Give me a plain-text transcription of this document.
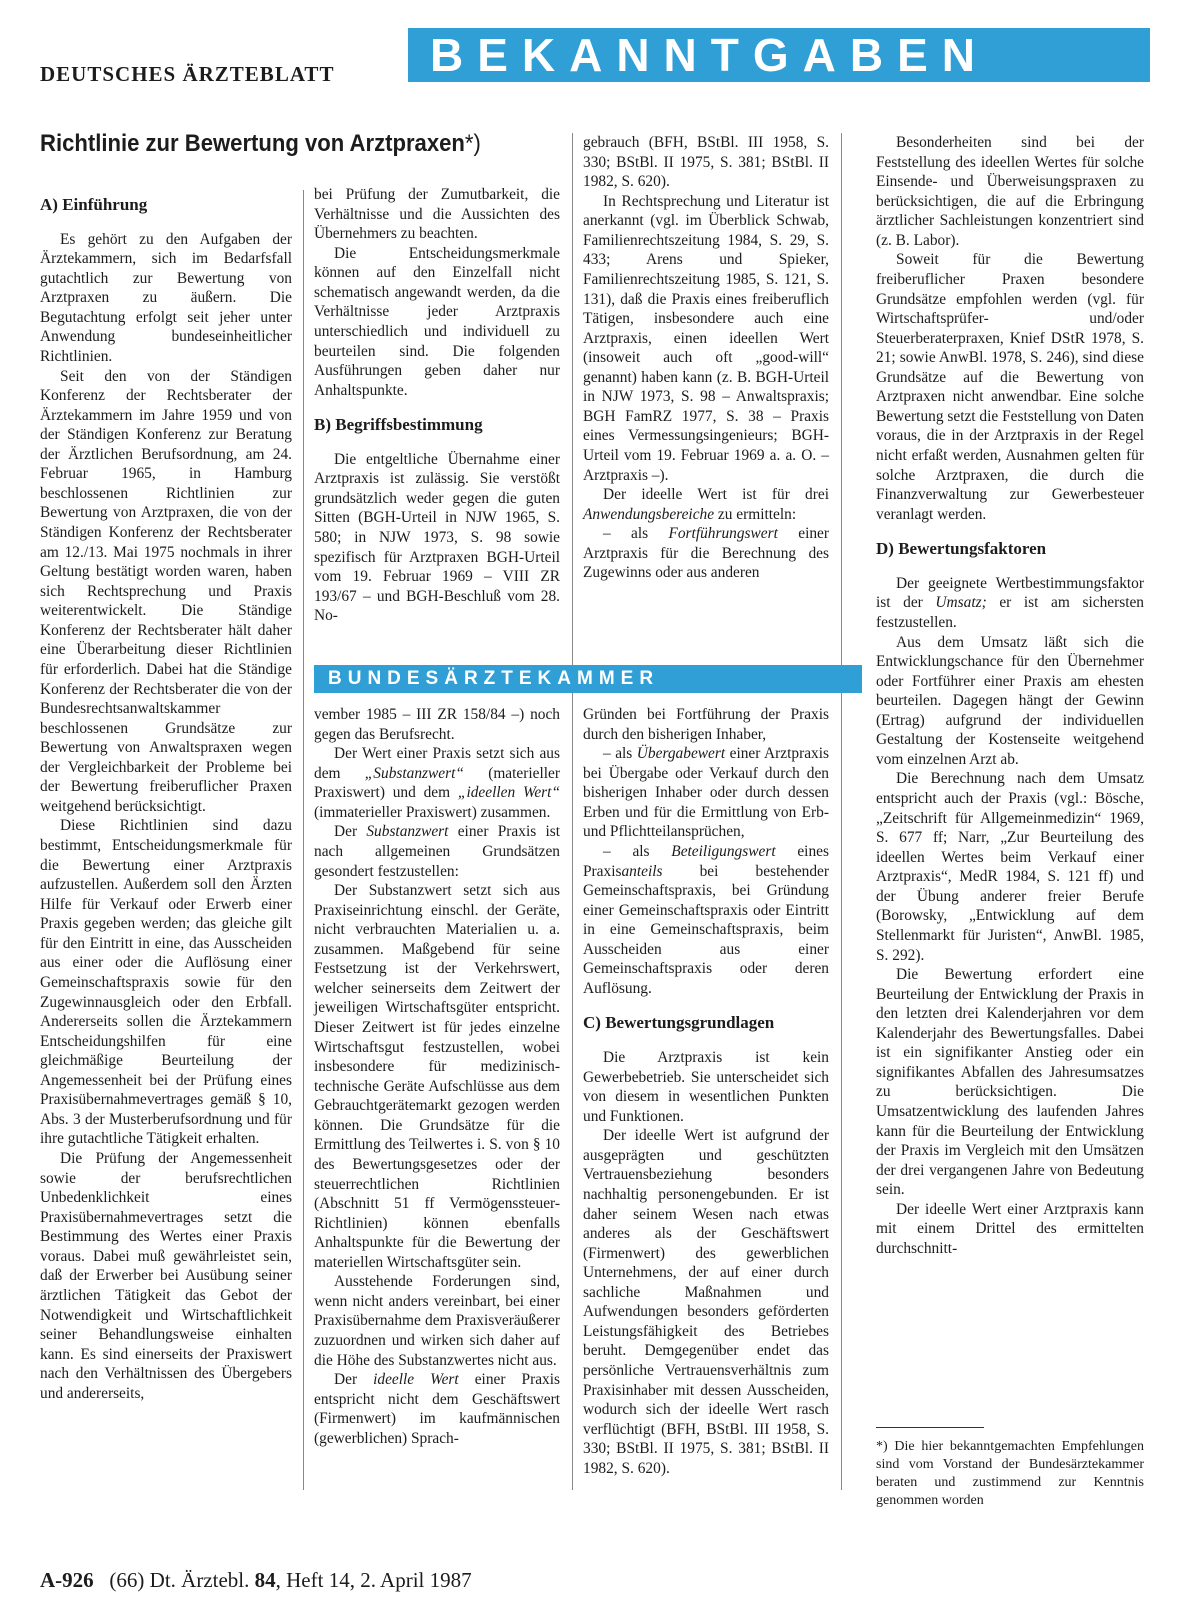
DEUTSCHES ÄRZTEBLATT	BEKANNTGABEN
Richtlinie zur Bewertung von Arztpraxen*)
A) Einführung

Es gehört zu den Aufgaben der Ärztekammern, sich im Bedarfsfall gutachtlich zur Bewertung von Arztpraxen zu äußern. Die Begutachtung erfolgt seit jeher unter Anwendung bundeseinheitlicher Richtlinien.

Seit den von der Ständigen Konferenz der Rechtsberater der Ärztekammern im Jahre 1959 und von der Ständigen Konferenz zur Beratung der Ärztlichen Berufsordnung, am 24. Februar 1965, in Hamburg beschlossenen Richtlinien zur Bewertung von Arztpraxen, die von der Ständigen Konferenz der Rechtsberater am 12./13. Mai 1975 nochmals in ihrer Geltung bestätigt worden waren, haben sich Rechtsprechung und Praxis weiterentwickelt. Die Ständige Konferenz der Rechtsberater hält daher eine Überarbeitung dieser Richtlinien für erforderlich. Dabei hat die Ständige Konferenz der Rechtsberater die von der Bundesrechtsanwaltskammer beschlossenen Grundsätze zur Bewertung von Anwaltspraxen wegen der Vergleichbarkeit der Probleme bei der Bewertung freiberuflicher Praxen weitgehend berücksichtigt.

Diese Richtlinien sind dazu bestimmt, Entscheidungsmerkmale für die Bewertung einer Arztpraxis aufzustellen. Außerdem soll den Ärzten Hilfe für Verkauf oder Erwerb einer Praxis gegeben werden; das gleiche gilt für den Eintritt in eine, das Ausscheiden aus einer oder die Auflösung einer Gemeinschaftspraxis sowie für den Zugewinnausgleich oder den Erbfall. Andererseits sollen die Ärztekammern Entscheidungshilfen für eine gleichmäßige Beurteilung der Angemessenheit bei der Prüfung eines Praxisübernahmevertrages gemäß § 10, Abs. 3 der Musterberufsordnung und für ihre gutachtliche Tätigkeit erhalten.

Die Prüfung der Angemessenheit sowie der berufsrechtlichen Unbedenklichkeit eines Praxisübernahmevertrages setzt die Bestimmung des Wertes einer Praxis voraus. Dabei muß gewährleistet sein, daß der Erwerber bei Ausübung seiner ärztlichen Tätigkeit das Gebot der Notwendigkeit und Wirtschaftlichkeit seiner Behandlungsweise einhalten kann. Es sind einerseits der Praxiswert nach den Verhältnissen des Übergebers und andererseits,

bei Prüfung der Zumutbarkeit, die Verhältnisse und die Aussichten des Übernehmers zu beachten.

Die Entscheidungsmerkmale können auf den Einzelfall nicht schematisch angewandt werden, da die Verhältnisse jeder Arztpraxis unterschiedlich und individuell zu beurteilen sind. Die folgenden Ausführungen geben daher nur Anhaltspunkte.

B) Begriffsbestimmung

Die entgeltliche Übernahme einer Arztpraxis ist zulässig. Sie verstößt grundsätzlich weder gegen die guten Sitten (BGH-Urteil in NJW 1965, S. 580; in NJW 1973, S. 98 sowie spezifisch für Arztpraxen BGH-Urteil vom 19. Februar 1969 – VIII ZR 193/67 – und BGH-Beschluß vom 28. No-

gebrauch (BFH, BStBl. III 1958, S. 330; BStBl. II 1975, S. 381; BStBl. II 1982, S. 620).

In Rechtsprechung und Literatur ist anerkannt (vgl. im Überblick Schwab, Familienrechtszeitung 1984, S. 29, S. 433; Arens und Spieker, Familienrechtszeitung 1985, S. 121, S. 131), daß die Praxis eines freiberuflich Tätigen, insbesondere auch eine Arztpraxis, einen ideellen Wert (insoweit auch oft „good-will“ genannt) haben kann (z. B. BGH-Urteil in NJW 1973, S. 98 – Anwaltspraxis; BGH FamRZ 1977, S. 38 – Praxis eines Vermessungsingenieurs; BGH-Urteil vom 19. Februar 1969 a. a. O. – Arztpraxis –).

Der ideelle Wert ist für drei Anwendungsbereiche zu ermitteln:

– als Fortführungswert einer Arztpraxis für die Berechnung des Zugewinns oder aus anderen

BUNDESÄRZTEKAMMER

vember 1985 – III ZR 158/84 –) noch gegen das Berufsrecht.

Der Wert einer Praxis setzt sich aus dem „Substanzwert“ (materieller Praxiswert) und dem „ideellen Wert“ (immaterieller Praxiswert) zusammen.

Der Substanzwert einer Praxis ist nach allgemeinen Grundsätzen gesondert festzustellen:

Der Substanzwert setzt sich aus Praxiseinrichtung einschl. der Geräte, nicht verbrauchten Materialien u. a. zusammen. Maßgebend für seine Festsetzung ist der Verkehrswert, welcher seinerseits dem Zeitwert der jeweiligen Wirtschaftsgüter entspricht. Dieser Zeitwert ist für jedes einzelne Wirtschaftsgut festzustellen, wobei insbesondere für medizinisch-technische Geräte Aufschlüsse aus dem Gebrauchtgerätemarkt gezogen werden können. Die Grundsätze für die Ermittlung des Teilwertes i. S. von § 10 des Bewertungsgesetzes oder der steuerrechtlichen Richtlinien (Abschnitt 51 ff Vermögenssteuer-Richtlinien) können ebenfalls Anhaltspunkte für die Bewertung der materiellen Wirtschaftsgüter sein.

Ausstehende Forderungen sind, wenn nicht anders vereinbart, bei einer Praxisübernahme dem Praxisveräußerer zuzuordnen und wirken sich daher auf die Höhe des Substanzwertes nicht aus.

Der ideelle Wert einer Praxis entspricht nicht dem Geschäftswert (Firmenwert) im kaufmännischen (gewerblichen) Sprach-

Gründen bei Fortführung der Praxis durch den bisherigen Inhaber,

– als Übergabewert einer Arztpraxis bei Übergabe oder Verkauf durch den bisherigen Inhaber oder durch dessen Erben und für die Ermittlung von Erb- und Pflichtteilansprüchen,

– als Beteiligungswert eines Praxisanteils bei bestehender Gemeinschaftspraxis, bei Gründung einer Gemeinschaftspraxis oder Eintritt in eine Gemeinschaftspraxis, beim Ausscheiden aus einer Gemeinschaftspraxis oder deren Auflösung.

C) Bewertungsgrundlagen

Die Arztpraxis ist kein Gewerbebetrieb. Sie unterscheidet sich von diesem in wesentlichen Punkten und Funktionen.

Der ideelle Wert ist aufgrund der ausgeprägten und geschützten Vertrauensbeziehung besonders nachhaltig personengebunden. Er ist daher seinem Wesen nach etwas anderes als der Geschäftswert (Firmenwert) des gewerblichen Unternehmens, der auf einer durch sachliche Maßnahmen und Aufwendungen besonders geförderten Leistungsfähigkeit des Betriebes beruht. Demgegenüber endet das persönliche Vertrauensverhältnis zum Praxisinhaber mit dessen Ausscheiden, wodurch sich der ideelle Wert rasch verflüchtigt (BFH, BStBl. III 1958, S. 330; BStBl. II 1975, S. 381; BStBl. II 1982, S. 620).

Besonderheiten sind bei der Feststellung des ideellen Wertes für solche Einsende- und Überweisungspraxen zu berücksichtigen, die auf die Erbringung ärztlicher Sachleistungen konzentriert sind (z. B. Labor).

Soweit für die Bewertung freiberuflicher Praxen besondere Grundsätze empfohlen werden (vgl. für Wirtschaftsprüfer- und/oder Steuerberaterpraxen, Knief DStR 1978, S. 21; sowie AnwBl. 1978, S. 246), sind diese Grundsätze auf die Bewertung von Arztpraxen nicht anwendbar. Eine solche Bewertung setzt die Feststellung von Daten voraus, die in der Arztpraxis in der Regel nicht erfaßt werden, Ausnahmen gelten für solche Arztpraxen, die durch die Finanzverwaltung zur Gewerbesteuer veranlagt werden.

D) Bewertungsfaktoren

Der geeignete Wertbestimmungsfaktor ist der Umsatz; er ist am sichersten festzustellen.

Aus dem Umsatz läßt sich die Entwicklungschance für den Übernehmer oder Fortführer einer Praxis am ehesten beurteilen. Dagegen hängt der Gewinn (Ertrag) aufgrund der individuellen Gestaltung der Kostenseite weitgehend vom einzelnen Arzt ab.

Die Berechnung nach dem Umsatz entspricht auch der Praxis (vgl.: Bösche, „Zeitschrift für Allgemeinmedizin“ 1969, S. 677 ff; Narr, „Zur Beurteilung des ideellen Wertes beim Verkauf einer Arztpraxis“, MedR 1984, S. 121 ff) und der Übung anderer freier Berufe (Borowsky, „Entwicklung auf dem Stellenmarkt für Juristen“, AnwBl. 1985, S. 292).

Die Bewertung erfordert eine Beurteilung der Entwicklung der Praxis in den letzten drei Kalenderjahren vor dem Kalenderjahr des Bewertungsfalles. Dabei ist ein signifikanter Anstieg oder ein signifikantes Abfallen des Jahresumsatzes zu berücksichtigen. Die Umsatzentwicklung des laufenden Jahres kann für die Beurteilung der Entwicklung der Praxis im Vergleich mit den Umsätzen der drei vergangenen Jahre von Bedeutung sein.

Der ideelle Wert einer Arztpraxis kann mit einem Drittel des ermittelten durchschnitt-

*) Die hier bekanntgemachten Empfehlungen sind vom Vorstand der Bundesärztekammer beraten und zustimmend zur Kenntnis genommen worden
A-926 (66) Dt. Ärztebl. 84, Heft 14, 2. April 1987
